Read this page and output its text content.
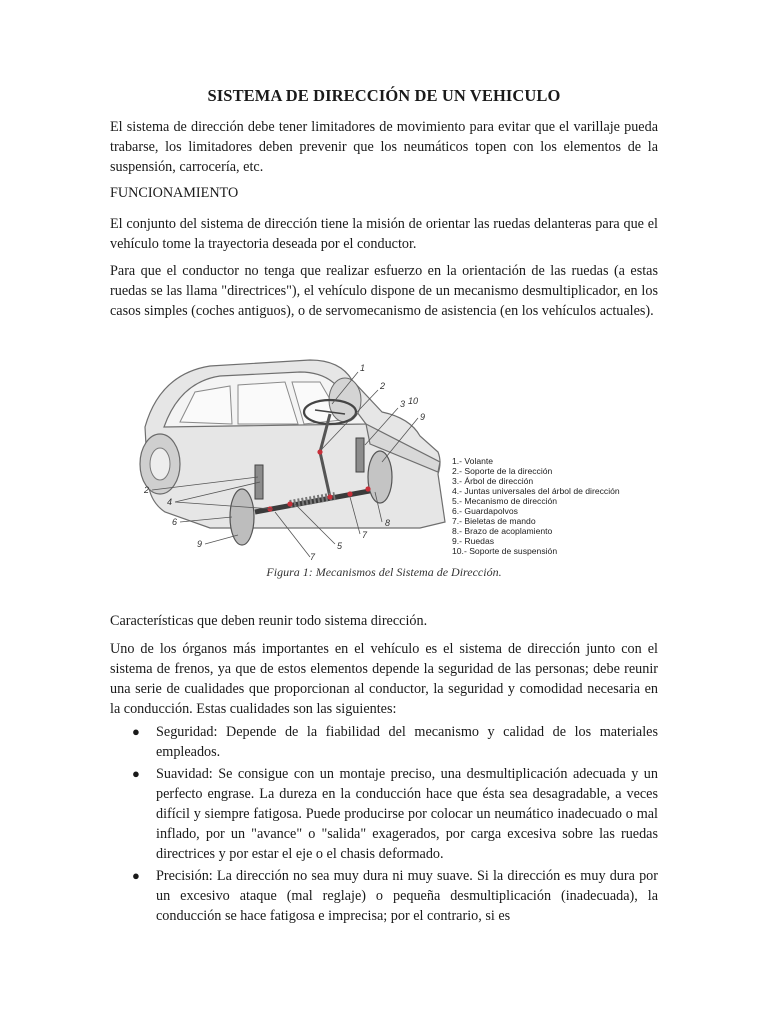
SISTEMA DE DIRECCIÓN DE UN VEHICULO

El sistema de dirección debe tener limitadores de movimiento para evitar que el varillaje pueda trabarse, los limitadores deben prevenir que los neumáticos topen con los elementos de la suspensión, carrocería, etc.

FUNCIONAMIENTO

El conjunto del sistema de dirección tiene la misión de orientar las ruedas delanteras para que el vehículo tome la trayectoria deseada por el conductor.

Para que el conductor no tenga que realizar esfuerzo en la orientación de las ruedas (a estas ruedas se las llama "directrices"), el vehículo dispone de un mecanismo desmultiplicador, en los casos simples (coches antiguos), o de servomecanismo de asistencia (en los vehículos actuales).

1
2
3 10
9
2
4
6
9	5
7
7
8
1.- Volante
2.- Soporte de la dirección
3.- Árbol de dirección
4.- Juntas universales del árbol de dirección
5.- Mecanismo de dirección
6.- Guardapolvos
7.- Bieletas de mando
8.- Brazo de acoplamiento
9.- Ruedas
10.- Soporte de suspensión
Figura 1: Mecanismos del Sistema de Dirección.

Características que deben reunir todo sistema dirección.

Uno de los órganos más importantes en el vehículo es el sistema de dirección junto con el sistema de frenos, ya que de estos elementos depende la seguridad de las personas; debe reunir una serie de cualidades que proporcionan al conductor, la seguridad y comodidad necesaria en la conducción. Estas cualidades son las siguientes:

● Seguridad: Depende de la fiabilidad del mecanismo y calidad de los materiales empleados.
● Suavidad: Se consigue con un montaje preciso, una desmultiplicación adecuada y un perfecto engrase. La dureza en la conducción hace que ésta sea desagradable, a veces difícil y siempre fatigosa. Puede producirse por colocar un neumático inadecuado o mal inflado, por un "avance" o "salida" exagerados, por carga excesiva sobre las ruedas directrices y por estar el eje o el chasis deformado.
● Precisión: La dirección no sea muy dura ni muy suave. Si la dirección es muy dura por un excesivo ataque (mal reglaje) o pequeña desmultiplicación (inadecuada), la conducción se hace fatigosa e imprecisa; por el contrario, si es
